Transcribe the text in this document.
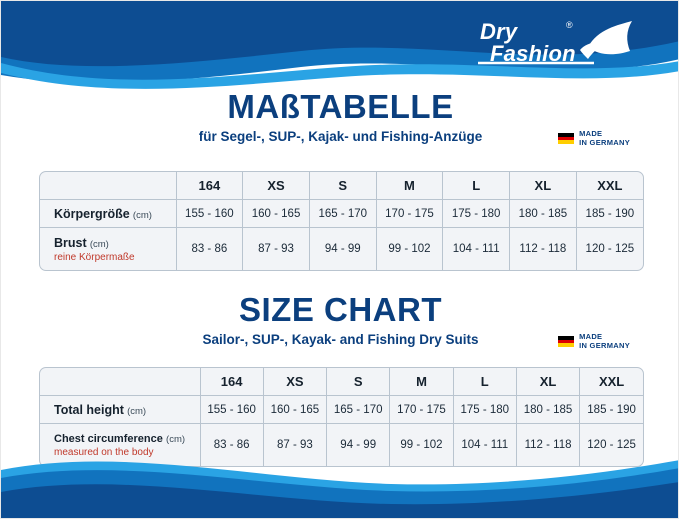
Dry	®
Fashion
MAßTABELLE
für Segel-, SUP-, Kajak- und Fishing-Anzüge	MADE
IN GERMANY
	164	XS	S	M	L	XL	XXL
Körpergröße (cm)	155 - 160	160 - 165	165 - 170	170 - 175	175 - 180	180 - 185	185 - 190
Brust (cm)
reine Körpermaße	83 - 86	87 - 93	94 - 99	99 - 102	104 - 111	112 - 118	120 - 125
SIZE CHART
Sailor-, SUP-, Kayak- and Fishing Dry Suits	MADE
IN GERMANY
	164	XS	S	M	L	XL	XXL
Total height (cm)	155 - 160	160 - 165	165 - 170	170 - 175	175 - 180	180 - 185	185 - 190
Chest circumference (cm)
measured on the body	83 - 86	87 - 93	94 - 99	99 - 102	104 - 111	112 - 118	120 - 125
